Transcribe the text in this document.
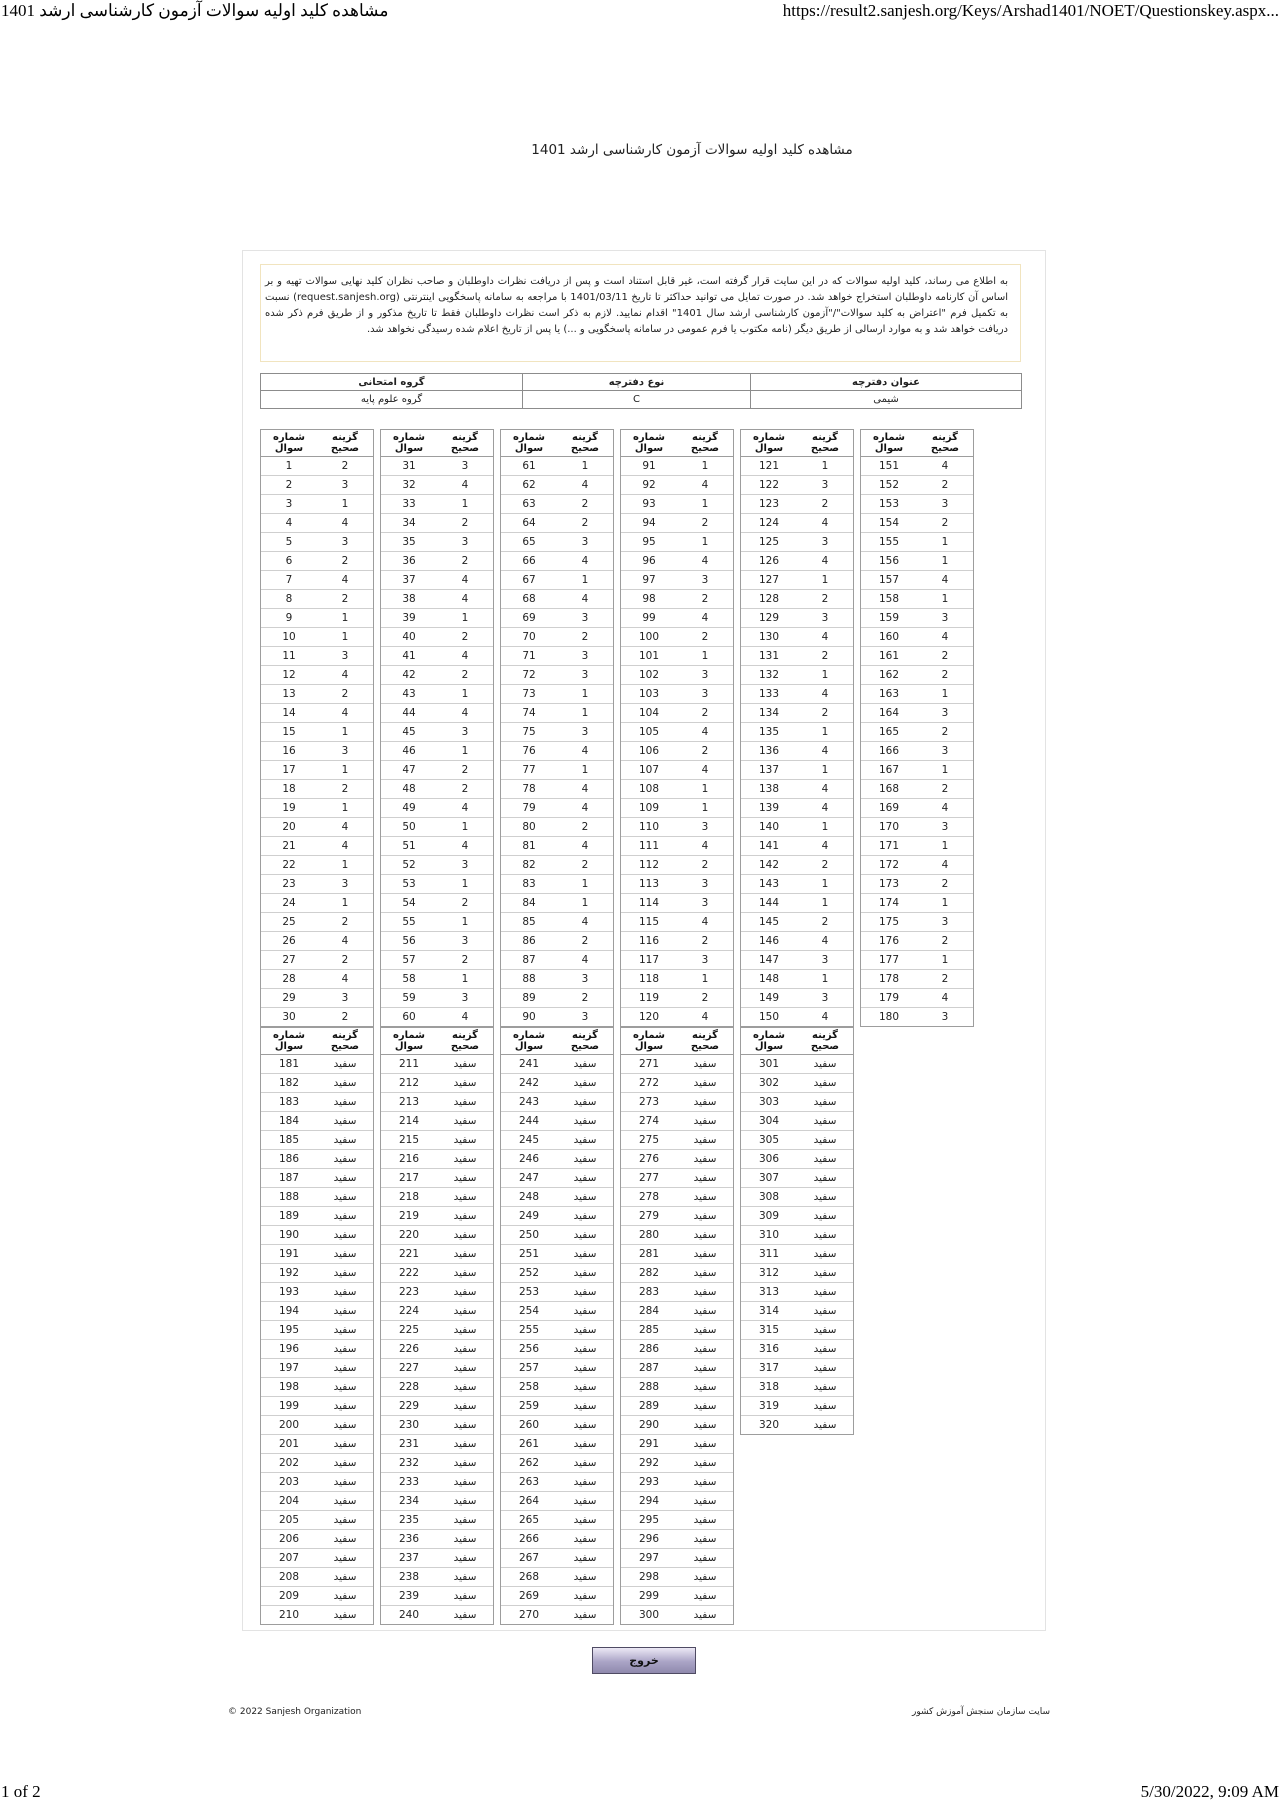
مشاهده کلید اولیه سوالات آزمون کارشناسی ارشد 1401	https://result2.sanjesh.org/Keys/Arshad1401/NOET/Questionskey.aspx...
مشاهده کلید اولیه سوالات آزمون کارشناسی ارشد 1401
به اطلاع می رساند، کلید اولیه سوالات که در این سایت قرار گرفته است، غیر قابل استناد است و پس از دریافت نظرات داوطلبان و صاحب نظران کلید نهایی سوالات تهیه و بر اساس آن کارنامه داوطلبان استخراج خواهد شد. در صورت تمایل می توانید حداکثر تا تاریخ 1401/03/11 با مراجعه به سامانه پاسخگویی اینترنتی (request.sanjesh.org) نسبت به تکمیل فرم "اعتراض به کلید سوالات"/"آزمون کارشناسی ارشد سال 1401" اقدام نمایید. لازم به ذکر است نظرات داوطلبان فقط تا تاریخ مذکور و از طریق فرم ذکر شده دریافت خواهد شد و به موارد ارسالی از طریق دیگر (نامه مکتوب یا فرم عمومی در سامانه پاسخگویی و ...) یا پس از تاریخ اعلام شده رسیدگی نخواهد شد.
عنوان دفترچه	نوع دفترچه	گروه امتحانی
شیمی	C	گروه علوم پایه
شماره سوال
گزینه صحیح
1	2
2	3
3	1
4	4
5	3
6	2
7	4
8	2
9	1
10	1
11	3
12	4
13	2
14	4
15	1
16	3
17	1
18	2
19	1
20	4
21	4
22	1
23	3
24	1
25	2
26	4
27	2
28	4
29	3
30	2
شماره سوال
گزینه صحیح
31	3
32	4
33	1
34	2
35	3
36	2
37	4
38	4
39	1
40	2
41	4
42	2
43	1
44	4
45	3
46	1
47	2
48	2
49	4
50	1
51	4
52	3
53	1
54	2
55	1
56	3
57	2
58	1
59	3
60	4
شماره سوال
گزینه صحیح
61	1
62	4
63	2
64	2
65	3
66	4
67	1
68	4
69	3
70	2
71	3
72	3
73	1
74	1
75	3
76	4
77	1
78	4
79	4
80	2
81	4
82	2
83	1
84	1
85	4
86	2
87	4
88	3
89	2
90	3
شماره سوال
گزینه صحیح
91	1
92	4
93	1
94	2
95	1
96	4
97	3
98	2
99	4
100	2
101	1
102	3
103	3
104	2
105	4
106	2
107	4
108	1
109	1
110	3
111	4
112	2
113	3
114	3
115	4
116	2
117	3
118	1
119	2
120	4
شماره سوال
گزینه صحیح
121	1
122	3
123	2
124	4
125	3
126	4
127	1
128	2
129	3
130	4
131	2
132	1
133	4
134	2
135	1
136	4
137	1
138	4
139	4
140	1
141	4
142	2
143	1
144	1
145	2
146	4
147	3
148	1
149	3
150	4
شماره سوال
گزینه صحیح
151	4
152	2
153	3
154	2
155	1
156	1
157	4
158	1
159	3
160	4
161	2
162	2
163	1
164	3
165	2
166	3
167	1
168	2
169	4
170	3
171	1
172	4
173	2
174	1
175	3
176	2
177	1
178	2
179	4
180	3
شماره سوال
گزینه صحیح
181	سفید
182	سفید
183	سفید
184	سفید
185	سفید
186	سفید
187	سفید
188	سفید
189	سفید
190	سفید
191	سفید
192	سفید
193	سفید
194	سفید
195	سفید
196	سفید
197	سفید
198	سفید
199	سفید
200	سفید
201	سفید
202	سفید
203	سفید
204	سفید
205	سفید
206	سفید
207	سفید
208	سفید
209	سفید
210	سفید
شماره سوال
گزینه صحیح
211	سفید
212	سفید
213	سفید
214	سفید
215	سفید
216	سفید
217	سفید
218	سفید
219	سفید
220	سفید
221	سفید
222	سفید
223	سفید
224	سفید
225	سفید
226	سفید
227	سفید
228	سفید
229	سفید
230	سفید
231	سفید
232	سفید
233	سفید
234	سفید
235	سفید
236	سفید
237	سفید
238	سفید
239	سفید
240	سفید
شماره سوال
گزینه صحیح
241	سفید
242	سفید
243	سفید
244	سفید
245	سفید
246	سفید
247	سفید
248	سفید
249	سفید
250	سفید
251	سفید
252	سفید
253	سفید
254	سفید
255	سفید
256	سفید
257	سفید
258	سفید
259	سفید
260	سفید
261	سفید
262	سفید
263	سفید
264	سفید
265	سفید
266	سفید
267	سفید
268	سفید
269	سفید
270	سفید
شماره سوال
گزینه صحیح
271	سفید
272	سفید
273	سفید
274	سفید
275	سفید
276	سفید
277	سفید
278	سفید
279	سفید
280	سفید
281	سفید
282	سفید
283	سفید
284	سفید
285	سفید
286	سفید
287	سفید
288	سفید
289	سفید
290	سفید
291	سفید
292	سفید
293	سفید
294	سفید
295	سفید
296	سفید
297	سفید
298	سفید
299	سفید
300	سفید
شماره سوال
گزینه صحیح
301	سفید
302	سفید
303	سفید
304	سفید
305	سفید
306	سفید
307	سفید
308	سفید
309	سفید
310	سفید
311	سفید
312	سفید
313	سفید
314	سفید
315	سفید
316	سفید
317	سفید
318	سفید
319	سفید
320	سفید
خروج
© 2022 Sanjesh Organization	سایت سازمان سنجش آموزش کشور
1 of 2	5/30/2022, 9:09 AM
